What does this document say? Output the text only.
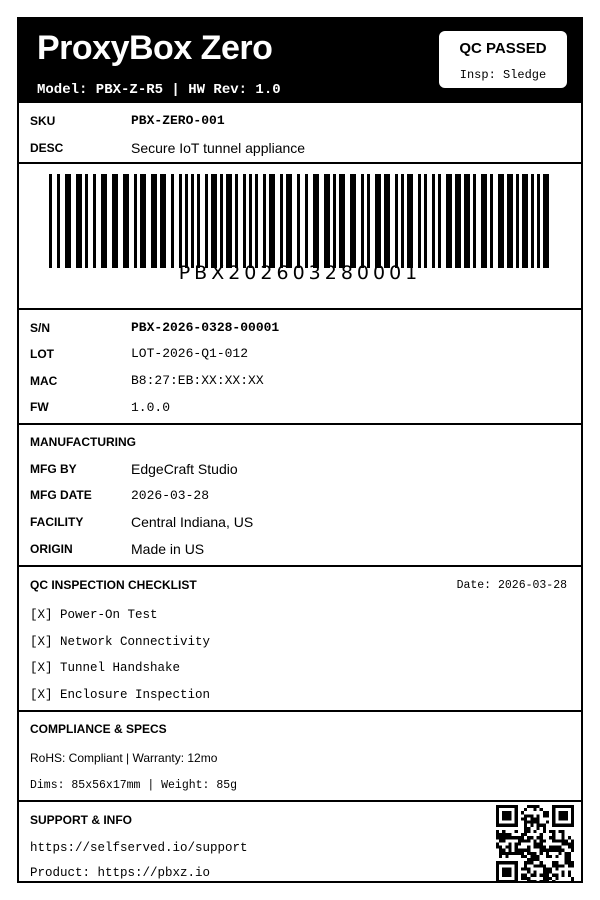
ProxyBox Zero
Model: PBX-Z-R5 | HW Rev: 1.0
QC PASSED
Insp: Sledge
SKU	PBX-ZERO-001
DESC	Secure IoT tunnel appliance
PBX202603280001
S/N	PBX-2026-0328-00001
LOT	LOT-2026-Q1-012
MAC	B8:27:EB:XX:XX:XX
FW	1.0.0
MANUFACTURING
MFG BY	EdgeCraft Studio
MFG DATE	2026-03-28
FACILITY	Central Indiana, US
ORIGIN	Made in US
QC INSPECTION CHECKLIST	Date: 2026-03-28
[X] Power-On Test
[X] Network Connectivity
[X] Tunnel Handshake
[X] Enclosure Inspection
COMPLIANCE & SPECS
RoHS: Compliant | Warranty: 12mo
Dims: 85x56x17mm | Weight: 85g
SUPPORT & INFO
https://selfserved.io/support
Product: https://pbxz.io
